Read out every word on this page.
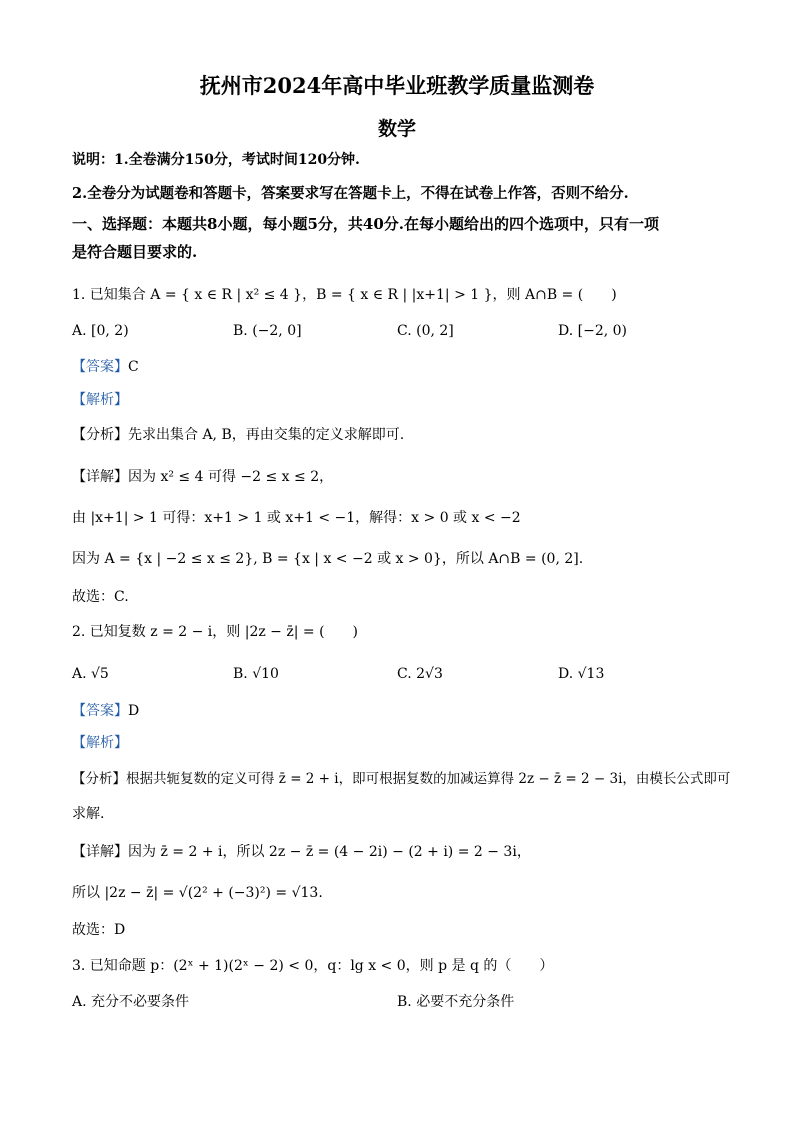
抚州市2024年高中毕业班教学质量监测卷
数学
说明：1.全卷满分150分，考试时间120分钟.
2.全卷分为试题卷和答题卡，答案要求写在答题卡上，不得在试卷上作答，否则不给分.
一、选择题：本题共8小题，每小题5分，共40分.在每小题给出的四个选项中，只有一项
是符合题目要求的.
1. 已知集合 A = { x ∈ R | x² ≤ 4 }，B = { x ∈ R | |x+1| > 1 }，则 A∩B = (　　)
A. [0, 2)	B. (−2, 0]	C. (0, 2]	D. [−2, 0)
【答案】C
【解析】
【分析】先求出集合 A, B，再由交集的定义求解即可.
【详解】因为 x² ≤ 4 可得 −2 ≤ x ≤ 2，
由 |x+1| > 1 可得：x+1 > 1 或 x+1 < −1，解得：x > 0 或 x < −2
因为 A = {x | −2 ≤ x ≤ 2}, B = {x | x < −2 或 x > 0}，所以 A∩B = (0, 2].
故选：C.
2. 已知复数 z = 2 − i，则 |2z − z̄| = (　　)
A. √5	B. √10	C. 2√3	D. √13
【答案】D
【解析】
【分析】根据共轭复数的定义可得 z̄ = 2 + i，即可根据复数的加减运算得 2z − z̄ = 2 − 3i，由模长公式即可
求解.
【详解】因为 z̄ = 2 + i，所以 2z − z̄ = (4 − 2i) − (2 + i) = 2 − 3i，
所以 |2z − z̄| = √(2² + (−3)²) = √13.
故选：D
3. 已知命题 p：(2ˣ + 1)(2ˣ − 2) < 0，q：lg x < 0，则 p 是 q 的（　　）
A. 充分不必要条件	B. 必要不充分条件
